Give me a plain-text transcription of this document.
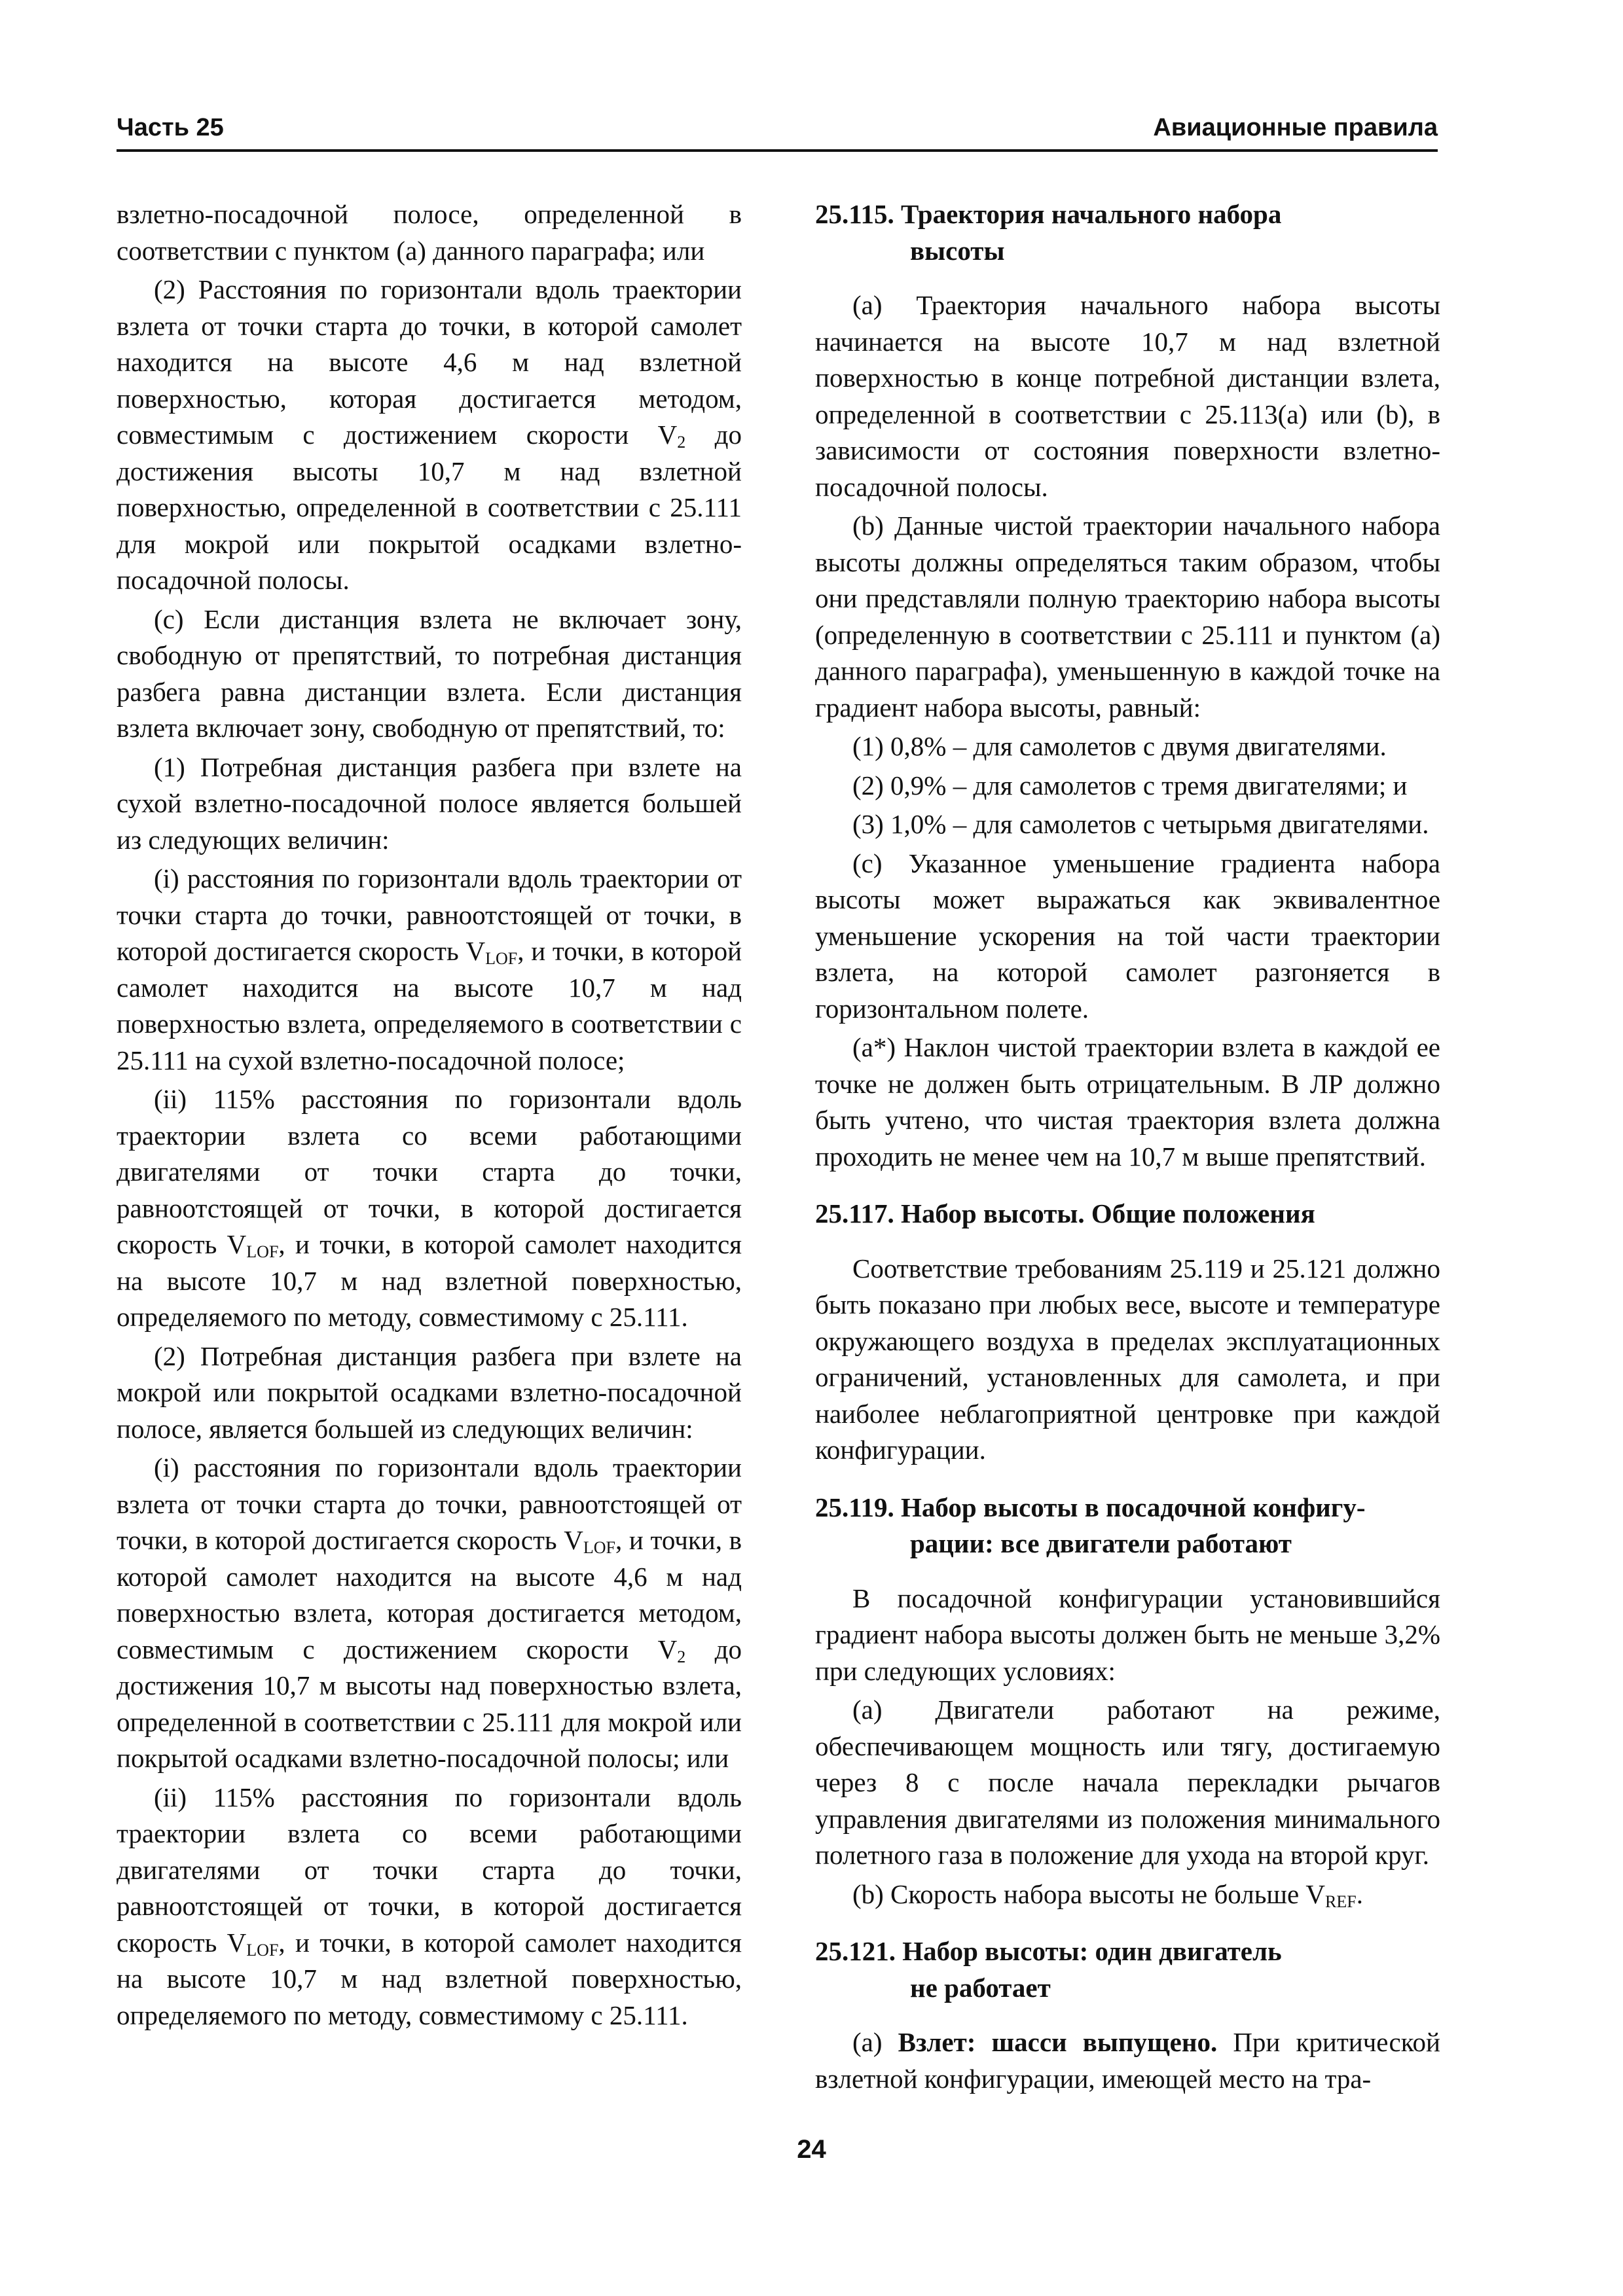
Часть 25	Авиационные правила

взлетно-посадочной полосе, определенной в соответствии с пунктом (а) данного параграфа; или

(2) Расстояния по горизонтали вдоль траектории взлета от точки старта до точки, в которой самолет находится на высоте 4,6 м над взлетной поверхностью, которая достигается методом, совместимым с достижением скорости $V_2$ до достижения высоты 10,7 м над взлетной поверхностью, определенной в соответствии с 25.111 для мокрой или покрытой осадками взлетно-посадочной полосы.

(c) Если дистанция взлета не включает зону, свободную от препятствий, то потребная дистанция разбега равна дистанции взлета. Если дистанция взлета включает зону, свободную от препятствий, то:

(1) Потребная дистанция разбега при взлете на сухой взлетно-посадочной полосе является большей из следующих величин:

(i) расстояния по горизонтали вдоль траектории от точки старта до точки, равноотстоящей от точки, в которой достигается скорость $V_{LOF}$, и точки, в которой самолет находится на высоте 10,7 м над поверхностью взлета, определяемого в соответствии с 25.111 на сухой взлетно-посадочной полосе;

(ii) 115% расстояния по горизонтали вдоль траектории взлета со всеми работающими двигателями от точки старта до точки, равноотстоящей от точки, в которой достигается скорость $V_{LOF}$, и точки, в которой самолет находится на высоте 10,7 м над взлетной поверхностью, определяемого по методу, совместимому с 25.111.

(2) Потребная дистанция разбега при взлете на мокрой или покрытой осадками взлетно-посадочной полосе, является большей из следующих величин:

(i) расстояния по горизонтали вдоль траектории взлета от точки старта до точки, равноотстоящей от точки, в которой достигается скорость $V_{LOF}$, и точки, в которой самолет находится на высоте 4,6 м над поверхностью взлета, которая достигается методом, совместимым с достижением скорости $V_2$ до достижения 10,7 м высоты над поверхностью взлета, определенной в соответствии с 25.111 для мокрой или покрытой осадками взлетно-посадочной полосы; или

(ii) 115% расстояния по горизонтали вдоль траектории взлета со всеми работающими двигателями от точки старта до точки, равноотстоящей от точки, в которой достигается скорость $V_{LOF}$, и точки, в которой самолет находится на высоте 10,7 м над взлетной поверхностью, определяемого по методу, совместимому с 25.111.

25.115. Траектория начального набора
высоты

(a) Траектория начального набора высоты начинается на высоте 10,7 м над взлетной поверхностью в конце потребной дистанции взлета, определенной в соответствии с 25.113(а) или (b), в зависимости от состояния поверхности взлетно-посадочной полосы.

(b) Данные чистой траектории начального набора высоты должны определяться таким образом, чтобы они представляли полную траекторию набора высоты (определенную в соответствии с 25.111 и пунктом (а) данного параграфа), уменьшенную в каждой точке на градиент набора высоты, равный:

(1) 0,8% – для самолетов с двумя двигателями.

(2) 0,9% – для самолетов с тремя двигателями; и

(3) 1,0% – для самолетов с четырьмя двигателями.

(c) Указанное уменьшение градиента набора высоты может выражаться как эквивалентное уменьшение ускорения на той части траектории взлета, на которой самолет разгоняется в горизонтальном полете.

(а*) Наклон чистой траектории взлета в каждой ее точке не должен быть отрицательным. В ЛР должно быть учтено, что чистая траектория взлета должна проходить не менее чем на 10,7 м выше препятствий.

25.117. Набор высоты. Общие положения

Соответствие требованиям 25.119 и 25.121 должно быть показано при любых весе, высоте и температуре окружающего воздуха в пределах эксплуатационных ограничений, установленных для самолета, и при наиболее неблагоприятной центровке при каждой конфигурации.

25.119. Набор высоты в посадочной конфигу-
рации: все двигатели работают

В посадочной конфигурации установившийся градиент набора высоты должен быть не меньше 3,2% при следующих условиях:

(a) Двигатели работают на режиме, обеспечивающем мощность или тягу, достигаемую через 8 с после начала перекладки рычагов управления двигателями из положения минимального полетного газа в положение для ухода на второй круг.

(b) Скорость набора высоты не больше $V_{REF}$.

25.121. Набор высоты: один двигатель
не работает

(a) Взлет: шасси выпущено. При критической взлетной конфигурации, имеющей место на тра-

24
